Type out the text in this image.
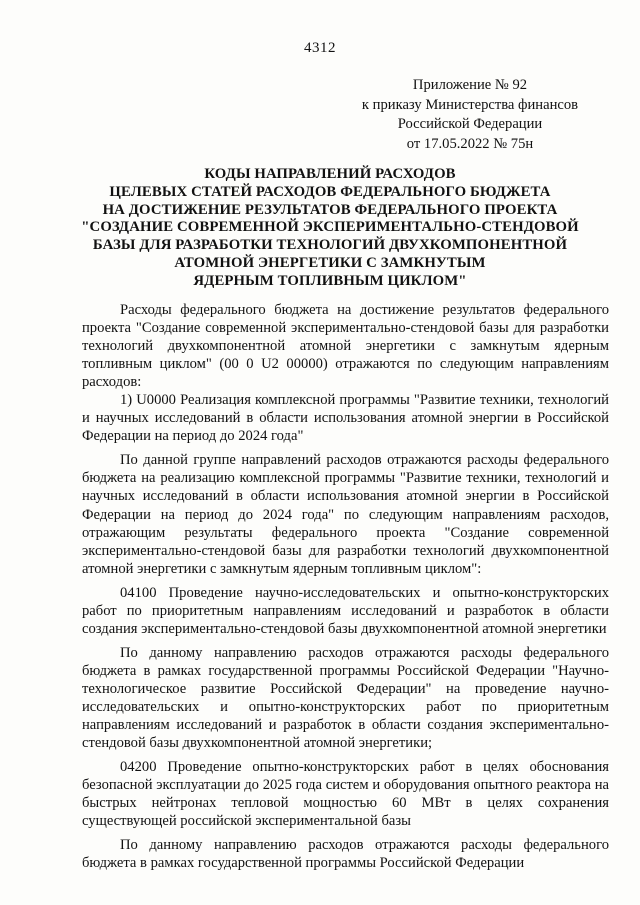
4312
Приложение № 92
к приказу Министерства финансов
Российской Федерации
от 17.05.2022 № 75н
КОДЫ НАПРАВЛЕНИЙ РАСХОДОВ
ЦЕЛЕВЫХ СТАТЕЙ РАСХОДОВ ФЕДЕРАЛЬНОГО БЮДЖЕТА
НА ДОСТИЖЕНИЕ РЕЗУЛЬТАТОВ ФЕДЕРАЛЬНОГО ПРОЕКТА
"СОЗДАНИЕ СОВРЕМЕННОЙ ЭКСПЕРИМЕНТАЛЬНО-СТЕНДОВОЙ
БАЗЫ ДЛЯ РАЗРАБОТКИ ТЕХНОЛОГИЙ ДВУХКОМПОНЕНТНОЙ
АТОМНОЙ ЭНЕРГЕТИКИ С ЗАМКНУТЫМ
ЯДЕРНЫМ ТОПЛИВНЫМ ЦИКЛОМ"

Расходы федерального бюджета на достижение результатов федерального проекта "Создание современной экспериментально-стендовой базы для разработки технологий двухкомпонентной атомной энергетики с замкнутым ядерным топливным циклом" (00 0 U2 00000) отражаются по следующим направлениям расходов:

1) U0000 Реализация комплексной программы "Развитие техники, технологий и научных исследований в области использования атомной энергии в Российской Федерации на период до 2024 года"

По данной группе направлений расходов отражаются расходы федерального бюджета на реализацию комплексной программы "Развитие техники, технологий и научных исследований в области использования атомной энергии в Российской Федерации на период до 2024 года" по следующим направлениям расходов, отражающим результаты федерального проекта "Создание современной экспериментально-стендовой базы для разработки технологий двухкомпонентной атомной энергетики с замкнутым ядерным топливным циклом":

04100 Проведение научно-исследовательских и опытно-конструкторских работ по приоритетным направлениям исследований и разработок в области создания экспериментально-стендовой базы двухкомпонентной атомной энергетики

По данному направлению расходов отражаются расходы федерального бюджета в рамках государственной программы Российской Федерации "Научно-технологическое развитие Российской Федерации" на проведение научно-исследовательских и опытно-конструкторских работ по приоритетным направлениям исследований и разработок в области создания экспериментально-стендовой базы двухкомпонентной атомной энергетики;

04200 Проведение опытно-конструкторских работ в целях обоснования безопасной эксплуатации до 2025 года систем и оборудования опытного реактора на быстрых нейтронах тепловой мощностью 60 МВт в целях сохранения существующей российской экспериментальной базы

По данному направлению расходов отражаются расходы федерального бюджета в рамках государственной программы Российской Федерации
